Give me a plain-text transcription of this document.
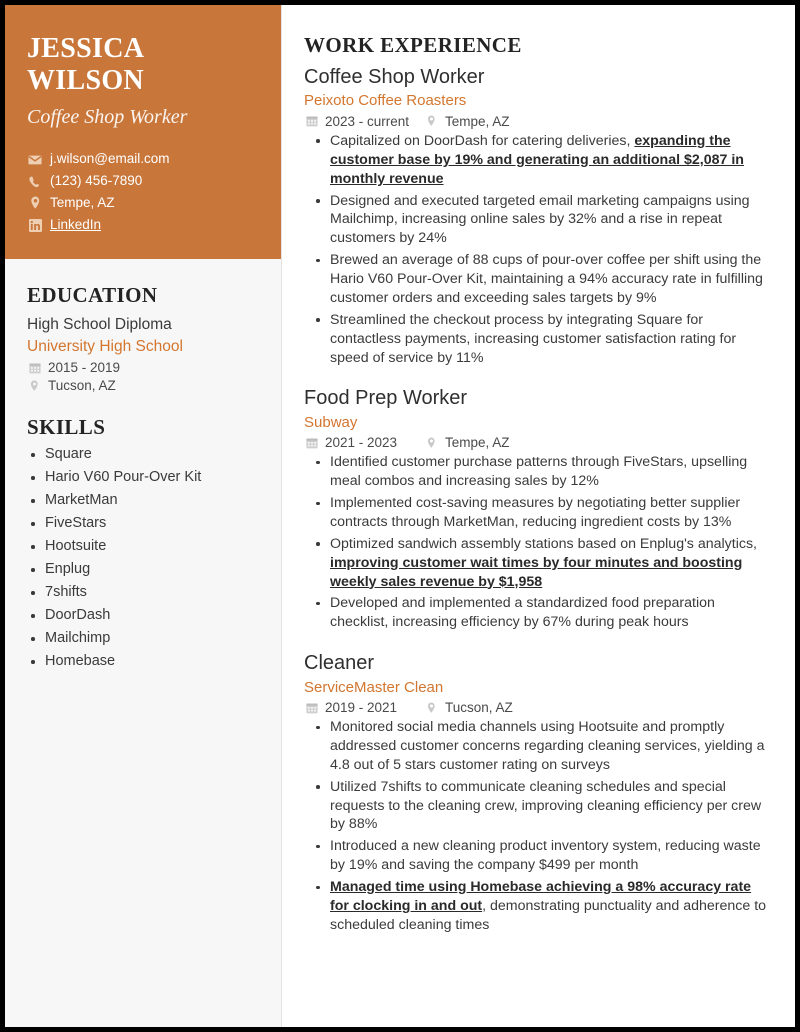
JESSICA
WILSON
Coffee Shop Worker
j.wilson@email.com
(123) 456-7890
Tempe, AZ
LinkedIn
EDUCATION
High School Diploma
University High School
2015 - 2019
Tucson, AZ
SKILLS
Square
Hario V60 Pour-Over Kit
MarketMan
FiveStars
Hootsuite
Enplug
7shifts
DoorDash
Mailchimp
Homebase
WORK EXPERIENCE
Coffee Shop Worker
Peixoto Coffee Roasters
2023 - current	Tempe, AZ
Capitalized on DoorDash for catering deliveries, expanding the customer base by 19% and generating an additional $2,087 in monthly revenue
Designed and executed targeted email marketing campaigns using Mailchimp, increasing online sales by 32% and a rise in repeat customers by 24%
Brewed an average of 88 cups of pour-over coffee per shift using the Hario V60 Pour-Over Kit, maintaining a 94% accuracy rate in fulfilling customer orders and exceeding sales targets by 9%
Streamlined the checkout process by integrating Square for contactless payments, increasing customer satisfaction rating for speed of service by 11%
Food Prep Worker
Subway
2021 - 2023	Tempe, AZ
Identified customer purchase patterns through FiveStars, upselling meal combos and increasing sales by 12%
Implemented cost-saving measures by negotiating better supplier contracts through MarketMan, reducing ingredient costs by 13%
Optimized sandwich assembly stations based on Enplug's analytics, improving customer wait times by four minutes and boosting weekly sales revenue by $1,958
Developed and implemented a standardized food preparation checklist, increasing efficiency by 67% during peak hours
Cleaner
ServiceMaster Clean
2019 - 2021	Tucson, AZ
Monitored social media channels using Hootsuite and promptly addressed customer concerns regarding cleaning services, yielding a 4.8 out of 5 stars customer rating on surveys
Utilized 7shifts to communicate cleaning schedules and special requests to the cleaning crew, improving cleaning efficiency per crew by 88%
Introduced a new cleaning product inventory system, reducing waste by 19% and saving the company $499 per month
Managed time using Homebase achieving a 98% accuracy rate for clocking in and out, demonstrating punctuality and adherence to scheduled cleaning times
